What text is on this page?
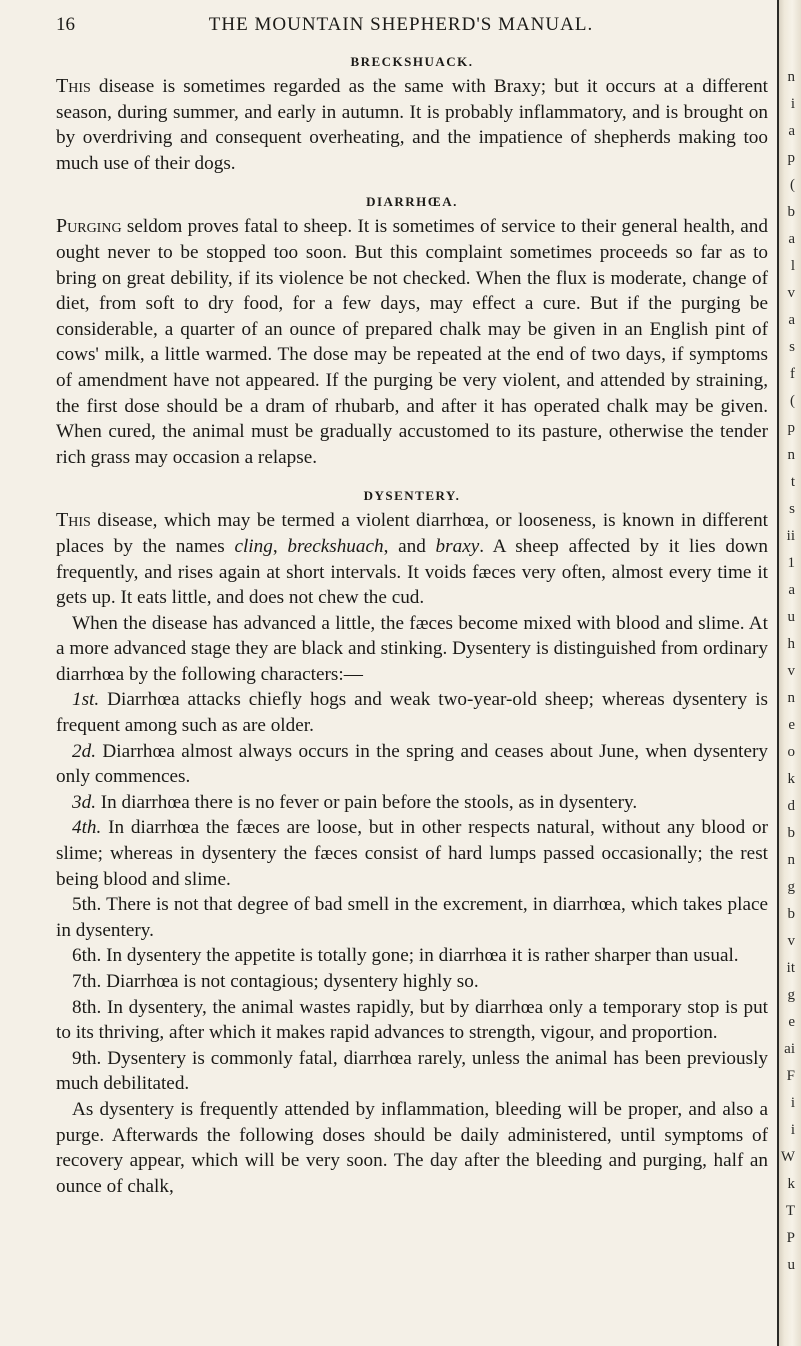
16	THE MOUNTAIN SHEPHERD'S MANUAL.
BRECKSHUACK.

This disease is sometimes regarded as the same with Braxy; but it occurs at a different season, during summer, and early in autumn. It is probably inflammatory, and is brought on by overdriving and consequent overheating, and the impatience of shepherds making too much use of their dogs.

DIARRHŒA.

Purging seldom proves fatal to sheep. It is sometimes of service to their general health, and ought never to be stopped too soon. But this complaint sometimes proceeds so far as to bring on great debility, if its violence be not checked. When the flux is moderate, change of diet, from soft to dry food, for a few days, may effect a cure. But if the purging be considerable, a quarter of an ounce of prepared chalk may be given in an English pint of cows' milk, a little warmed. The dose may be repeated at the end of two days, if symptoms of amendment have not appeared. If the purging be very violent, and attended by straining, the first dose should be a dram of rhubarb, and after it has operated chalk may be given. When cured, the animal must be gradually accustomed to its pasture, otherwise the tender rich grass may occasion a relapse.

DYSENTERY.

This disease, which may be termed a violent diarrhœa, or looseness, is known in different places by the names cling, breckshuach, and braxy. A sheep affected by it lies down frequently, and rises again at short intervals. It voids fæces very often, almost every time it gets up. It eats little, and does not chew the cud.

When the disease has advanced a little, the fæces become mixed with blood and slime. At a more advanced stage they are black and stinking. Dysentery is distinguished from ordinary diarrhœa by the following characters:—

1st. Diarrhœa attacks chiefly hogs and weak two-year-old sheep; whereas dysentery is frequent among such as are older.

2d. Diarrhœa almost always occurs in the spring and ceases about June, when dysentery only commences.

3d. In diarrhœa there is no fever or pain before the stools, as in dysentery.

4th. In diarrhœa the fæces are loose, but in other respects natural, without any blood or slime; whereas in dysentery the fæces consist of hard lumps passed occasionally; the rest being blood and slime.

5th. There is not that degree of bad smell in the excrement, in diarrhœa, which takes place in dysentery.

6th. In dysentery the appetite is totally gone; in diarrhœa it is rather sharper than usual.

7th. Diarrhœa is not contagious; dysentery highly so.

8th. In dysentery, the animal wastes rapidly, but by diarrhœa only a temporary stop is put to its thriving, after which it makes rapid advances to strength, vigour, and proportion.

9th. Dysentery is commonly fatal, diarrhœa rarely, unless the animal has been previously much debilitated.

As dysentery is frequently attended by inflammation, bleeding will be proper, and also a purge. Afterwards the following doses should be daily administered, until symptoms of recovery appear, which will be very soon. The day after the bleeding and purging, half an ounce of chalk,

n
i
a
p
(
b
a
l
v
a
s
f
(
p
n
t
s
ii
1
a
u
h
v
n
e
o
k
d
b
n
g
b
v
it
g
e
ai
F
i
i
W
k
T
P
u
